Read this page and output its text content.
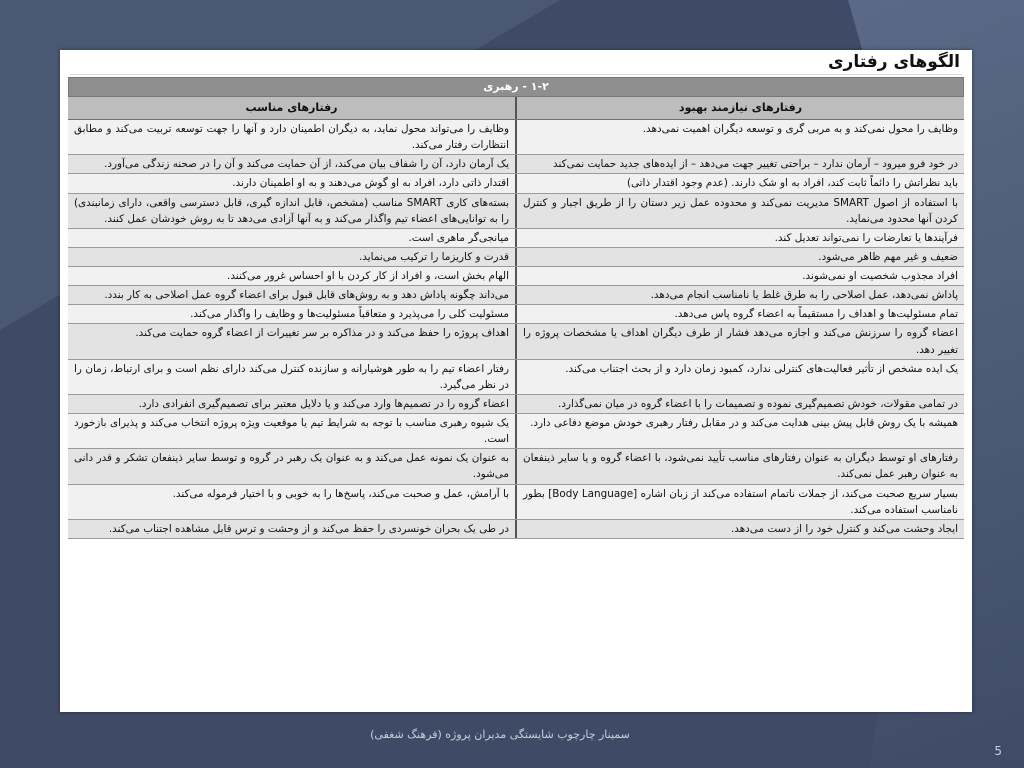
الگوهای رفتاری
۱-۲ - رهبری
رفتارهای نیازمند بهبود
رفتارهای مناسب
وظایف را محول نمی‌کند و به مربی گری و توسعه دیگران اهمیت نمی‌دهد.
وظایف را می‌تواند محول نماید، به دیگران اطمینان دارد و آنها را جهت توسعه تربیت می‌کند و مطابق انتظارات رفتار می‌کند.
در خود فرو میرود – آرمان ندارد – براحتی تغییر جهت می‌دهد – از ایده‌های جدید حمایت نمی‌کند
یک آرمان دارد، آن را شفاف بیان می‌کند، از آن حمایت می‌کند و آن را در صحنه زندگی می‌آورد.
باید نظراتش را دائماً ثابت کند، افراد به او شک دارند. (عدم وجود اقتدار ذاتی)
اقتدار ذاتی دارد، افراد به او گوش می‌دهند و به او اطمینان دارند.
با استفاده از اصول SMART مدیریت نمی‌کند و محدوده عمل زیر دستان را از طریق اجبار و کنترل کردن آنها محدود می‌نماید.
بسته‌های کاری SMART مناسب (مشخص، قابل اندازه گیری، قابل دسترسی واقعی، دارای زمانبندی) را به توانایی‌های اعضاء تیم واگذار می‌کند و به آنها آزادی می‌دهد تا به روش خودشان عمل کنند.
فرآیندها یا تعارضات را نمی‌تواند تعدیل کند.
میانجی‌گر ماهری است.
ضعیف و غیر مهم ظاهر می‌شود.
قدرت و کاریزما را ترکیب می‌نماید.
افراد مجذوب شخصیت او نمی‌شوند.
الهام بخش است، و افراد از کار کردن با او احساس غرور می‌کنند.
پاداش نمی‌دهد، عمل اصلاحی را به طرق غلط یا نامناسب انجام می‌دهد.
می‌داند چگونه پاداش دهد و به روش‌های قابل قبول برای اعضاء گروه عمل اصلاحی به کار بندد.
تمام مسئولیت‌ها و اهداف را مستقیماً به اعضاء گروه پاس می‌دهد.
مسئولیت کلی را می‌پذیرد و متعاقباً مسئولیت‌ها و وظایف را واگذار می‌کند.
اعضاء گروه را سرزنش می‌کند و اجازه می‌دهد فشار از طرف دیگران اهداف یا مشخصات پروژه را تغییر دهد.
اهداف پروژه را حفظ می‌کند و در مذاکره بر سر تغییرات از اعضاء گروه حمایت می‌کند.
یک ایده مشخص از تأثیر فعالیت‌های کنترلی ندارد، کمبود زمان دارد و از بحث اجتناب می‌کند.
رفتار اعضاء تیم را به طور هوشیارانه و سازنده کنترل می‌کند دارای نظم است و برای ارتباط، زمان را در نظر می‌گیرد.
در تمامی مقولات، خودش تصمیم‌گیری نموده و تصمیمات را با اعضاء گروه در میان نمی‌گذارد.
اعضاء گروه را در تصمیم‌ها وارد می‌کند و یا دلایل معتبر برای تصمیم‌گیری انفرادی دارد.
همیشه با یک روش قابل پیش بینی هدایت می‌کند و در مقابل رفتار رهبری خودش موضع دفاعی دارد.
یک شیوه رهبری مناسب با توجه به شرایط تیم یا موقعیت ویژه پروژه انتخاب می‌کند و پذیرای بازخورد است.
رفتارهای او توسط دیگران به عنوان رفتارهای مناسب تأیید نمی‌شود، با اعضاء گروه و یا سایر ذینفعان به عنوان رهبر عمل نمی‌کند.
به عنوان یک نمونه عمل می‌کند و به عنوان یک رهبر در گروه و توسط سایر ذینفعان تشکر و قدر دانی می‌شود.
بسیار سریع صحبت می‌کند، از جملات ناتمام استفاده می‌کند از زبان اشاره [Body Language] بطور نامناسب استفاده می‌کند.
با آرامش، عمل و صحبت می‌کند، پاسخ‌ها را به خوبی و با اختیار فرموله می‌کند.
ایجاد وحشت می‌کند و کنترل خود را از دست می‌دهد.
در طی یک بحران خونسردی را حفظ می‌کند و از وحشت و ترس قابل مشاهده اجتناب می‌کند.
سمینار چارچوب شایستگی مدیران پروژه (فرهنگ شغفی)
5
